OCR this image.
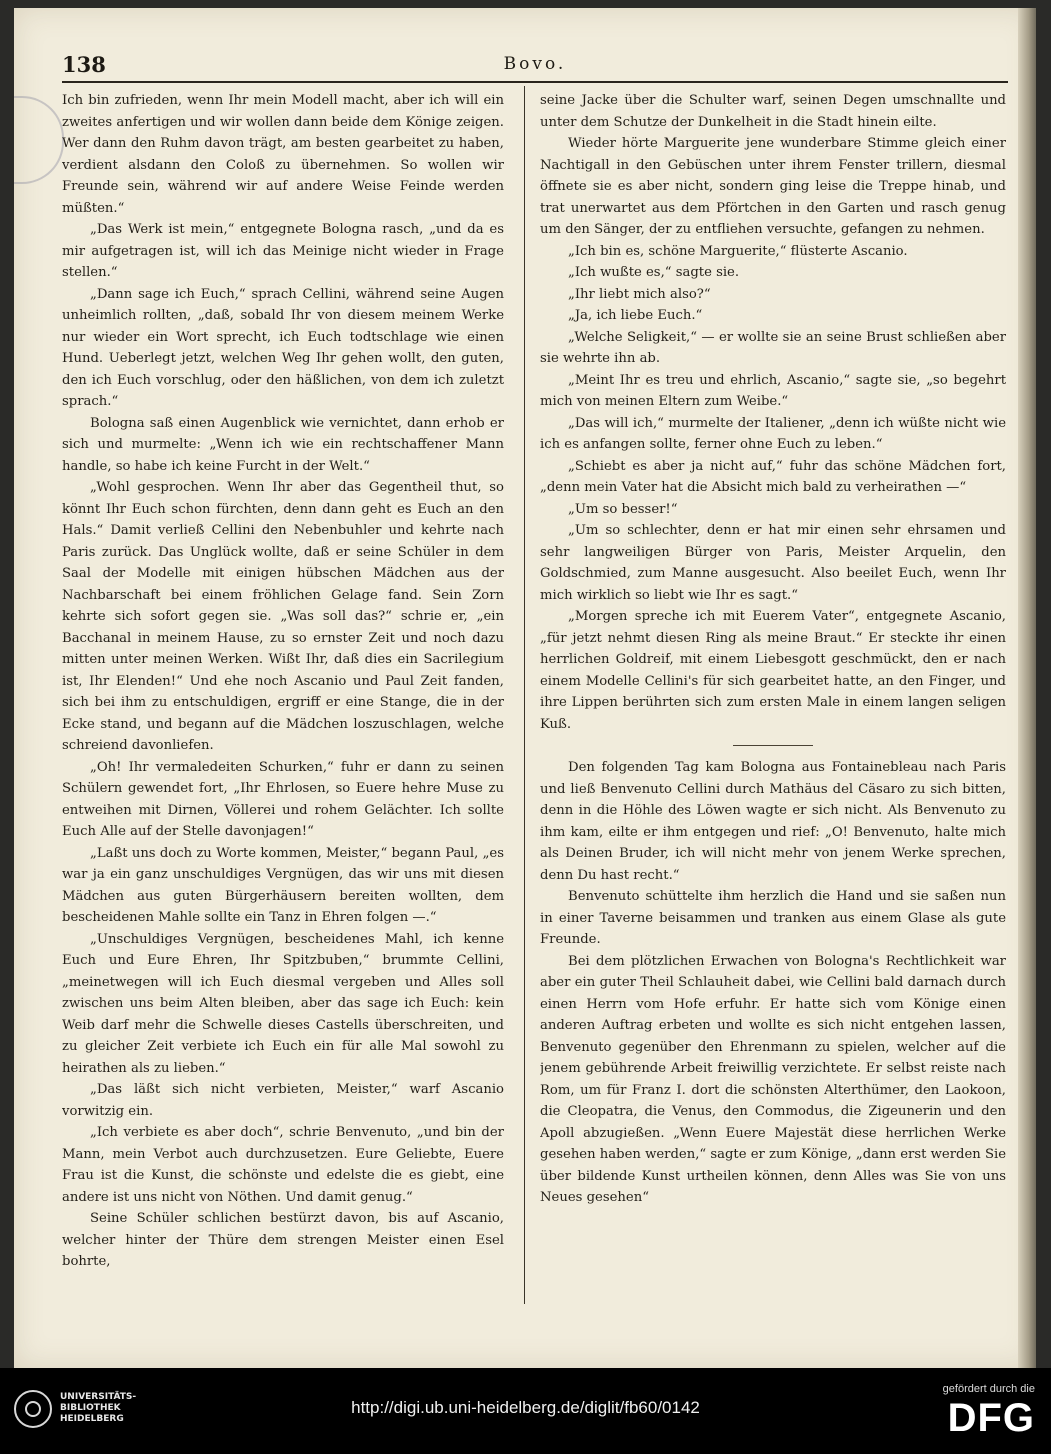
138	Bovo.

Ich bin zufrieden, wenn Ihr mein Modell macht, aber ich will ein zweites anfertigen und wir wollen dann beide dem Könige zeigen. Wer dann den Ruhm davon trägt, am besten gearbeitet zu haben, verdient alsdann den Coloß zu übernehmen. So wollen wir Freunde sein, während wir auf andere Weise Feinde werden müßten.“

„Das Werk ist mein,“ entgegnete Bologna rasch, „und da es mir aufgetragen ist, will ich das Meinige nicht wieder in Frage stellen.“

„Dann sage ich Euch,“ sprach Cellini, während seine Augen unheimlich rollten, „daß, sobald Ihr von diesem meinem Werke nur wieder ein Wort sprecht, ich Euch todtschlage wie einen Hund. Ueberlegt jetzt, welchen Weg Ihr gehen wollt, den guten, den ich Euch vorschlug, oder den häßlichen, von dem ich zuletzt sprach.“

Bologna saß einen Augenblick wie vernichtet, dann erhob er sich und murmelte: „Wenn ich wie ein rechtschaffener Mann handle, so habe ich keine Furcht in der Welt.“

„Wohl gesprochen. Wenn Ihr aber das Gegentheil thut, so könnt Ihr Euch schon fürchten, denn dann geht es Euch an den Hals.“ Damit verließ Cellini den Nebenbuhler und kehrte nach Paris zurück. Das Unglück wollte, daß er seine Schüler in dem Saal der Modelle mit einigen hübschen Mädchen aus der Nachbarschaft bei einem fröhlichen Gelage fand. Sein Zorn kehrte sich sofort gegen sie. „Was soll das?“ schrie er, „ein Bacchanal in meinem Hause, zu so ernster Zeit und noch dazu mitten unter meinen Werken. Wißt Ihr, daß dies ein Sacrilegium ist, Ihr Elenden!“ Und ehe noch Ascanio und Paul Zeit fanden, sich bei ihm zu entschuldigen, ergriff er eine Stange, die in der Ecke stand, und begann auf die Mädchen loszuschlagen, welche schreiend davonliefen.

„Oh! Ihr vermaledeiten Schurken,“ fuhr er dann zu seinen Schülern gewendet fort, „Ihr Ehrlosen, so Euere hehre Muse zu entweihen mit Dirnen, Völlerei und rohem Gelächter. Ich sollte Euch Alle auf der Stelle davonjagen!“

„Laßt uns doch zu Worte kommen, Meister,“ begann Paul, „es war ja ein ganz unschuldiges Vergnügen, das wir uns mit diesen Mädchen aus guten Bürgerhäusern bereiten wollten, dem bescheidenen Mahle sollte ein Tanz in Ehren folgen —.“

„Unschuldiges Vergnügen, bescheidenes Mahl, ich kenne Euch und Eure Ehren, Ihr Spitzbuben,“ brummte Cellini, „meinetwegen will ich Euch diesmal vergeben und Alles soll zwischen uns beim Alten bleiben, aber das sage ich Euch: kein Weib darf mehr die Schwelle dieses Castells überschreiten, und zu gleicher Zeit verbiete ich Euch ein für alle Mal sowohl zu heirathen als zu lieben.“

„Das läßt sich nicht verbieten, Meister,“ warf Ascanio vorwitzig ein.

„Ich verbiete es aber doch“, schrie Benvenuto, „und bin der Mann, mein Verbot auch durchzusetzen. Eure Geliebte, Euere Frau ist die Kunst, die schönste und edelste die es giebt, eine andere ist uns nicht von Nöthen. Und damit genug.“

Seine Schüler schlichen bestürzt davon, bis auf Ascanio, welcher hinter der Thüre dem strengen Meister einen Esel bohrte,

seine Jacke über die Schulter warf, seinen Degen umschnallte und unter dem Schutze der Dunkelheit in die Stadt hinein eilte.

Wieder hörte Marguerite jene wunderbare Stimme gleich einer Nachtigall in den Gebüschen unter ihrem Fenster trillern, diesmal öffnete sie es aber nicht, sondern ging leise die Treppe hinab, und trat unerwartet aus dem Pförtchen in den Garten und rasch genug um den Sänger, der zu entfliehen versuchte, gefangen zu nehmen.

„Ich bin es, schöne Marguerite,“ flüsterte Ascanio.

„Ich wußte es,“ sagte sie.

„Ihr liebt mich also?“

„Ja, ich liebe Euch.“

„Welche Seligkeit,“ — er wollte sie an seine Brust schließen aber sie wehrte ihn ab.

„Meint Ihr es treu und ehrlich, Ascanio,“ sagte sie, „so begehrt mich von meinen Eltern zum Weibe.“

„Das will ich,“ murmelte der Italiener, „denn ich wüßte nicht wie ich es anfangen sollte, ferner ohne Euch zu leben.“

„Schiebt es aber ja nicht auf,“ fuhr das schöne Mädchen fort, „denn mein Vater hat die Absicht mich bald zu verheirathen —“

„Um so besser!“

„Um so schlechter, denn er hat mir einen sehr ehrsamen und sehr langweiligen Bürger von Paris, Meister Arquelin, den Goldschmied, zum Manne ausgesucht. Also beeilet Euch, wenn Ihr mich wirklich so liebt wie Ihr es sagt.“

„Morgen spreche ich mit Euerem Vater“, entgegnete Ascanio, „für jetzt nehmt diesen Ring als meine Braut.“ Er steckte ihr einen herrlichen Goldreif, mit einem Liebesgott geschmückt, den er nach einem Modelle Cellini's für sich gearbeitet hatte, an den Finger, und ihre Lippen berührten sich zum ersten Male in einem langen seligen Kuß.

Den folgenden Tag kam Bologna aus Fontainebleau nach Paris und ließ Benvenuto Cellini durch Mathäus del Cäsaro zu sich bitten, denn in die Höhle des Löwen wagte er sich nicht. Als Benvenuto zu ihm kam, eilte er ihm entgegen und rief: „O! Benvenuto, halte mich als Deinen Bruder, ich will nicht mehr von jenem Werke sprechen, denn Du hast recht.“

Benvenuto schüttelte ihm herzlich die Hand und sie saßen nun in einer Taverne beisammen und tranken aus einem Glase als gute Freunde.

Bei dem plötzlichen Erwachen von Bologna's Rechtlichkeit war aber ein guter Theil Schlauheit dabei, wie Cellini bald darnach durch einen Herrn vom Hofe erfuhr. Er hatte sich vom Könige einen anderen Auftrag erbeten und wollte es sich nicht entgehen lassen, Benvenuto gegenüber den Ehrenmann zu spielen, welcher auf die jenem gebührende Arbeit freiwillig verzichtete. Er selbst reiste nach Rom, um für Franz I. dort die schönsten Alterthümer, den Laokoon, die Cleopatra, die Venus, den Commodus, die Zigeunerin und den Apoll abzugießen. „Wenn Euere Majestät diese herrlichen Werke gesehen haben werden,“ sagte er zum Könige, „dann erst werden Sie über bildende Kunst urtheilen können, denn Alles was Sie von uns Neues gesehen“

UNIVERSITÄTS-
BIBLIOTHEK
HEIDELBERG
http://digi.ub.uni-heidelberg.de/diglit/fb60/0142
gefördert durch die
DFG
